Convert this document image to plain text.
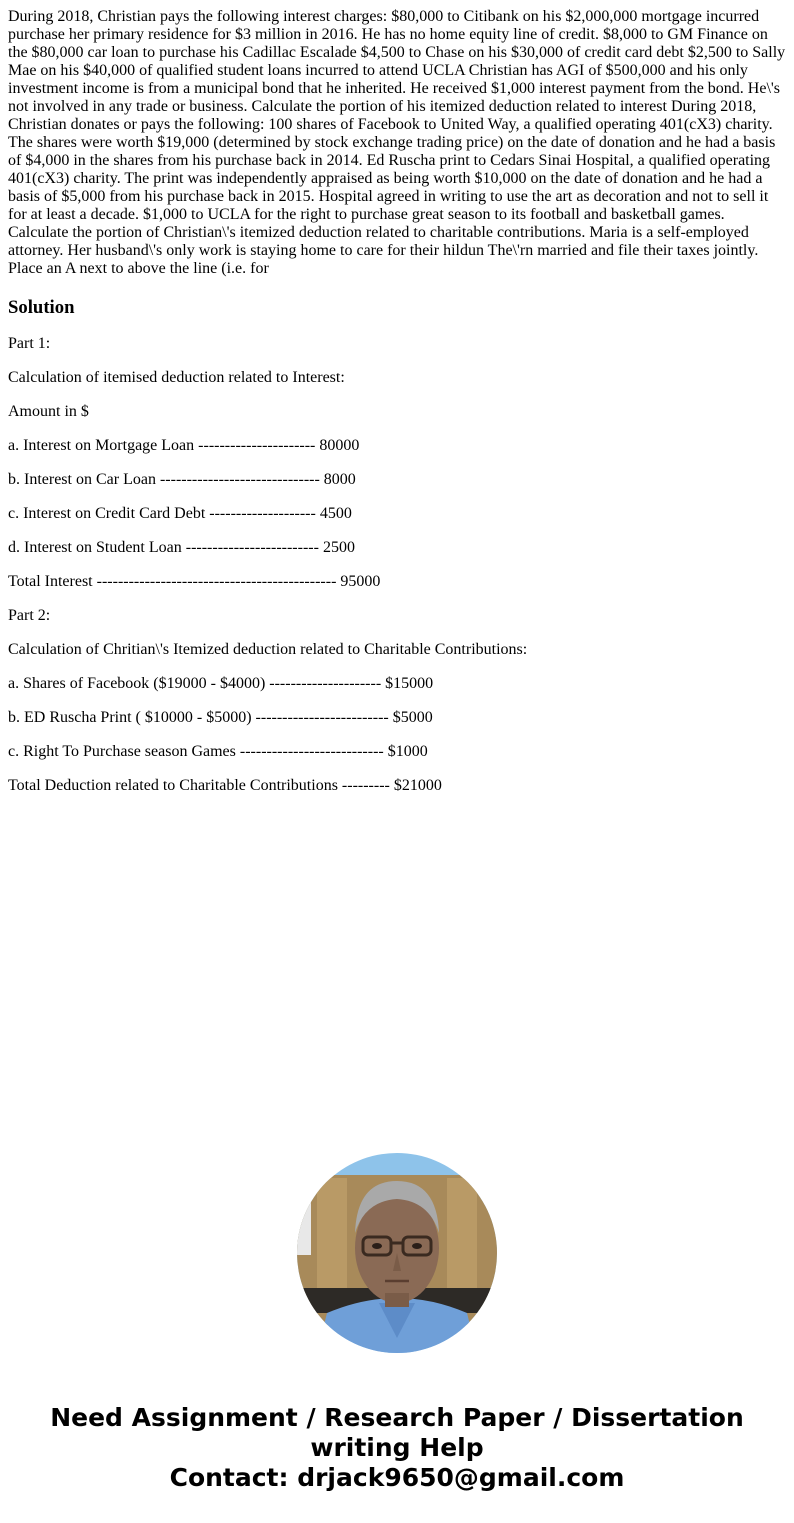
During 2018, Christian pays the following interest charges: $80,000 to Citibank on his $2,000,000 mortgage incurred purchase her primary residence for $3 million in 2016. He has no home equity line of credit. $8,000 to GM Finance on the $80,000 car loan to purchase his Cadillac Escalade $4,500 to Chase on his $30,000 of credit card debt $2,500 to Sally Mae on his $40,000 of qualified student loans incurred to attend UCLA Christian has AGI of $500,000 and his only investment income is from a municipal bond that he inherited. He received $1,000 interest payment from the bond. He\'s not involved in any trade or business. Calculate the portion of his itemized deduction related to interest During 2018, Christian donates or pays the following: 100 shares of Facebook to United Way, a qualified operating 401(cX3) charity. The shares were worth $19,000 (determined by stock exchange trading price) on the date of donation and he had a basis of $4,000 in the shares from his purchase back in 2014. Ed Ruscha print to Cedars Sinai Hospital, a qualified operating 401(cX3) charity. The print was independently appraised as being worth $10,000 on the date of donation and he had a basis of $5,000 from his purchase back in 2015. Hospital agreed in writing to use the art as decoration and not to sell it for at least a decade. $1,000 to UCLA for the right to purchase great season to its football and basketball games. Calculate the portion of Christian\'s itemized deduction related to charitable contributions. Maria is a self-employed attorney. Her husband\'s only work is staying home to care for their hildun The\'rn married and file their taxes jointly. Place an A next to above the line (i.e. for

Solution

Part 1:

Calculation of itemised deduction related to Interest:

Amount in $

a. Interest on Mortgage Loan ---------------------- 80000

b. Interest on Car Loan ------------------------------ 8000

c. Interest on Credit Card Debt -------------------- 4500

d. Interest on Student Loan ------------------------- 2500

Total Interest --------------------------------------------- 95000

Part 2:

Calculation of Chritian\'s Itemized deduction related to Charitable Contributions:

a. Shares of Facebook ($19000 - $4000) --------------------- $15000

b. ED Ruscha Print ( $10000 - $5000) ------------------------- $5000

c. Right To Purchase season Games --------------------------- $1000

Total Deduction related to Charitable Contributions --------- $21000

Need Assignment / Research Paper / Dissertation
writing Help
Contact: drjack9650@gmail.com
